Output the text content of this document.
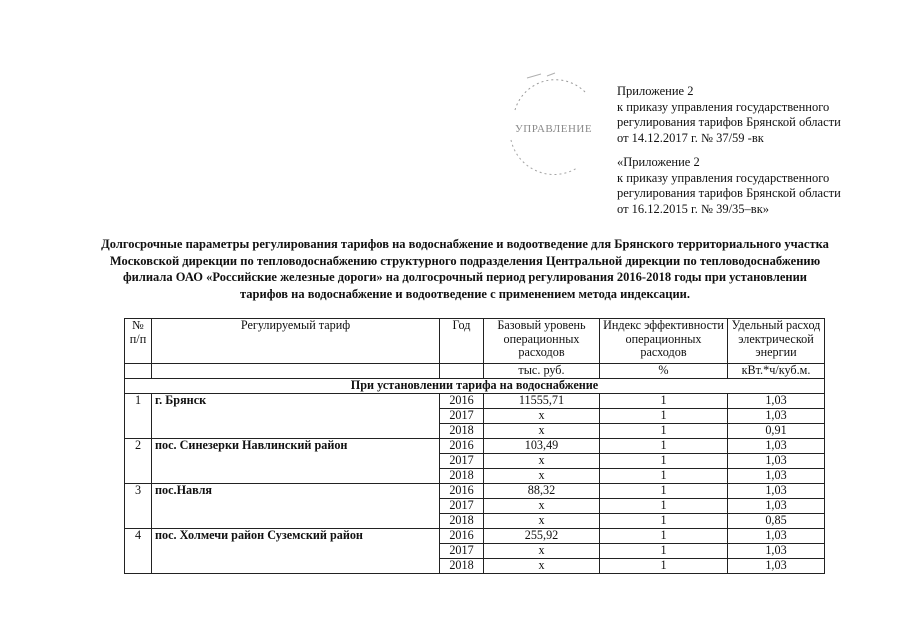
УПРАВЛЕНИЕ
Приложение 2
к приказу управления государственного
регулирования тарифов Брянской области
от 14.12.2017 г. № 37/59 -вк
«Приложение 2
к приказу управления государственного
регулирования тарифов Брянской области
от 16.12.2015 г. № 39/35–вк»
Долгосрочные параметры регулирования тарифов на водоснабжение и водоотведение для Брянского территориального участка
Московской дирекции по тепловодоснабжению структурного подразделения Центральной дирекции по тепловодоснабжению
филиала ОАО «Российские железные дороги» на долгосрочный период регулирования 2016-2018 годы при установлении
тарифов на водоснабжение и водоотведение с применением метода индексации.
№ п/п	Регулируемый тариф	Год	Базовый уровень операционных расходов	Индекс эффективности операционных расходов	Удельный расход электрической энергии
			тыс. руб.	%	кВт.*ч/куб.м.
При установлении тарифа на водоснабжение					
1	г. Брянск	2016	11555,71	1	1,03
		2017	x	1	1,03
		2018	x	1	0,91
2	пос. Синезерки Навлинский район	2016	103,49	1	1,03
		2017	x	1	1,03
		2018	x	1	1,03
3	пос.Навля	2016	88,32	1	1,03
		2017	x	1	1,03
		2018	x	1	0,85
4	пос. Холмечи район Суземский район	2016	255,92	1	1,03
		2017	x	1	1,03
		2018	x	1	1,03
